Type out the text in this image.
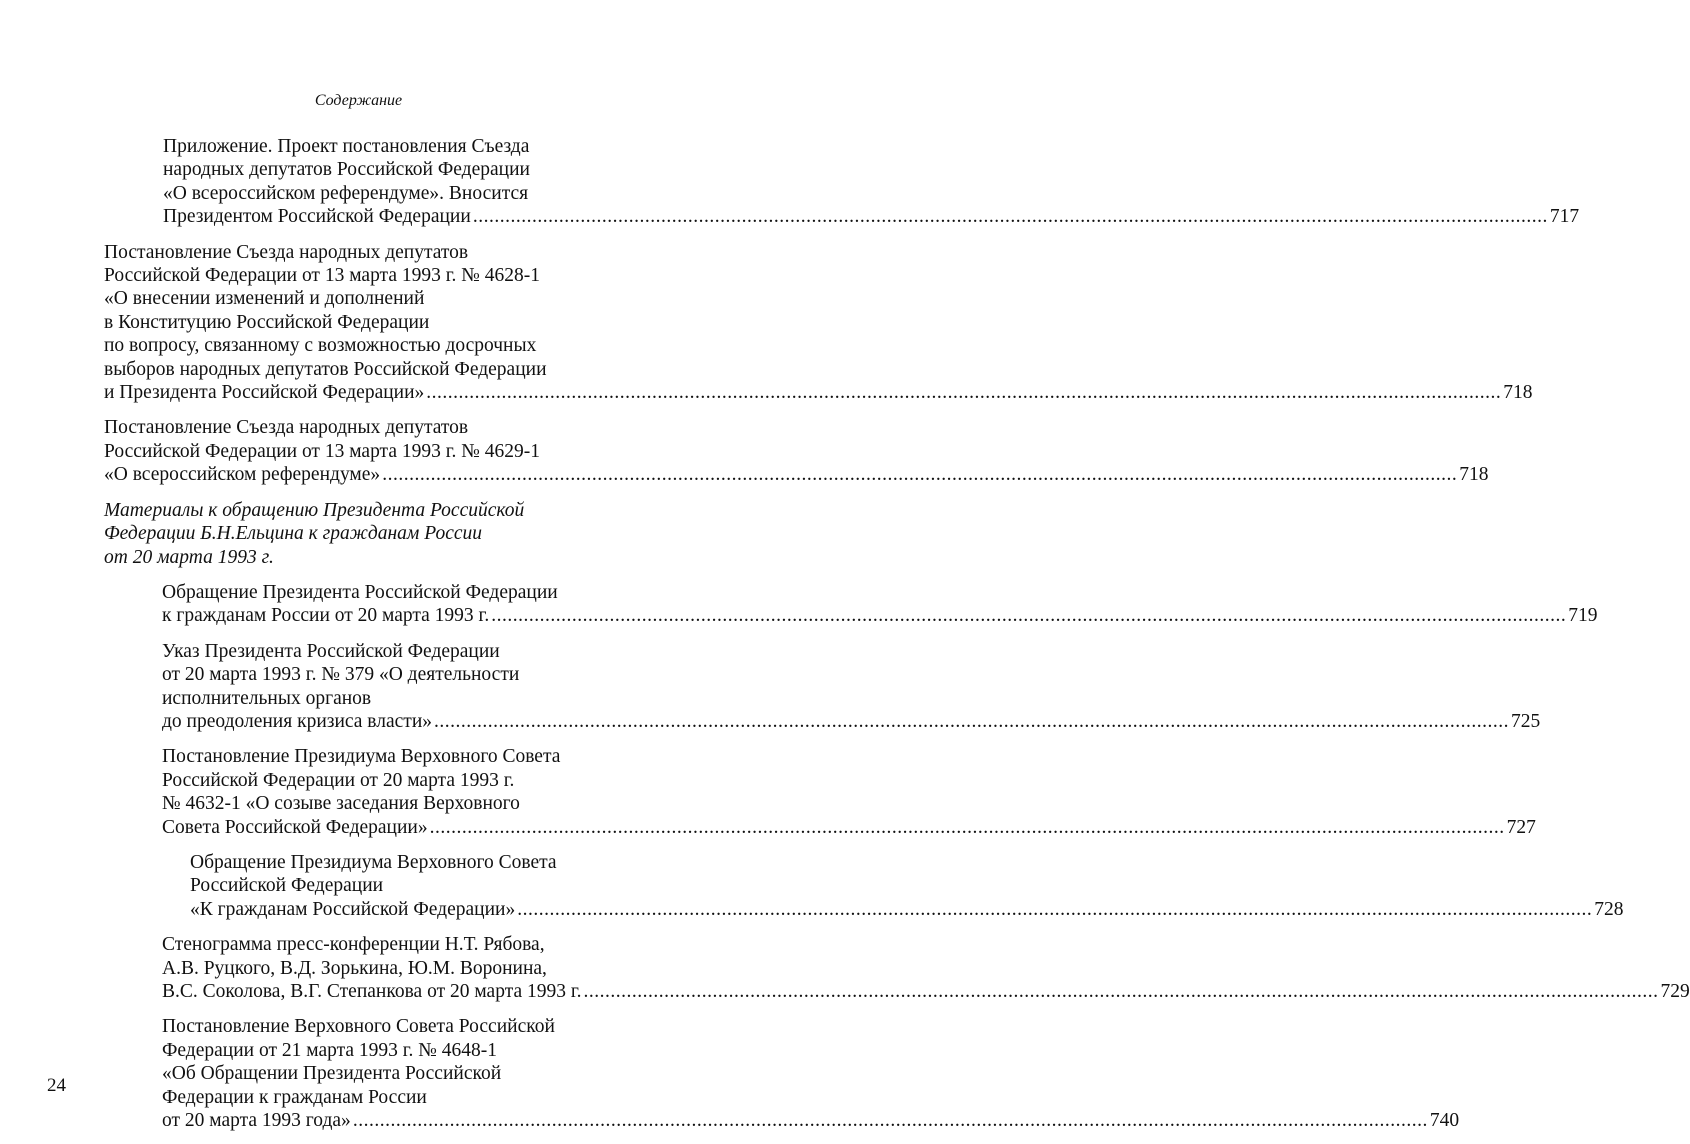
Содержание
Приложение. Проект постановления Съезда
народных депутатов Российской Федерации
«О всероссийском референдуме». Вносится
Президентом Российской Федерации ........................................................................................................................................................................................................ 717
Постановление Съезда народных депутатов
Российской Федерации от 13 марта 1993 г. № 4628-1
«О внесении изменений и дополнений
в Конституцию Российской Федерации
по вопросу, связанному с возможностью досрочных
выборов народных депутатов Российской Федерации
и Президента Российской Федерации» ........................................................................................................................................................................................................ 718
Постановление Съезда народных депутатов
Российской Федерации от 13 марта 1993 г. № 4629-1
«О всероссийском референдуме» ........................................................................................................................................................................................................ 718
Материалы к обращению Президента Российской
Федерации Б.Н.Ельцина к гражданам России
от 20 марта 1993 г.
Обращение Президента Российской Федерации
к гражданам России от 20 марта 1993 г. ........................................................................................................................................................................................................ 719
Указ Президента Российской Федерации
от 20 марта 1993 г. № 379 «О деятельности
исполнительных органов
до преодоления кризиса власти» ........................................................................................................................................................................................................ 725
Постановление Президиума Верховного Совета
Российской Федерации от 20 марта 1993 г.
№ 4632-1 «О созыве заседания Верховного
Совета Российской Федерации» ........................................................................................................................................................................................................ 727
Обращение Президиума Верховного Совета
Российской Федерации
«К гражданам Российской Федерации» ........................................................................................................................................................................................................ 728
Стенограмма пресс-конференции Н.Т. Рябова,
А.В. Руцкого, В.Д. Зорькина, Ю.М. Воронина,
В.С. Соколова, В.Г. Степанкова от 20 марта 1993 г. ........................................................................................................................................................................................................ 729
Постановление Верховного Совета Российской
Федерации от 21 марта 1993 г. № 4648-1
«Об Обращении Президента Российской
Федерации к гражданам России
от 20 марта 1993 года» ........................................................................................................................................................................................................ 740
24
